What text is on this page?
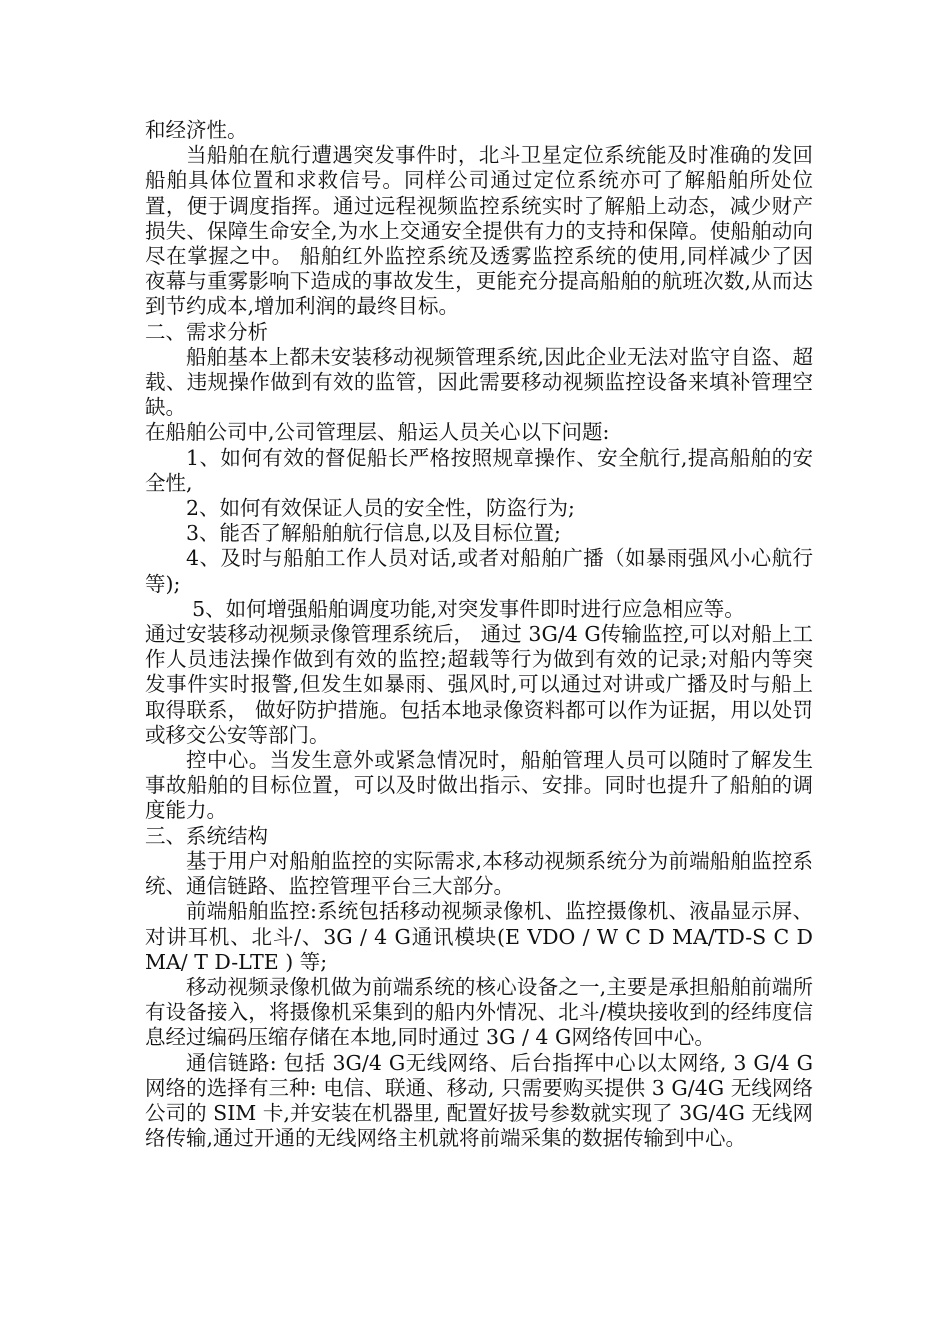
和经济性。

当船舶在航行遭遇突发事件时，北斗卫星定位系统能及时准确的发回船舶具体位置和求救信号。同样公司通过定位系统亦可了解船舶所处位置，便于调度指挥。通过远程视频监控系统实时了解船上动态，减少财产损失、保障生命安全,为水上交通安全提供有力的支持和保障。使船舶动向尽在掌握之中。 船舶红外监控系统及透雾监控系统的使用,同样减少了因夜幕与重雾影响下造成的事故发生，更能充分提高船舶的航班次数,从而达到节约成本,增加利润的最终目标。

二、需求分析

船舶基本上都未安装移动视频管理系统,因此企业无法对监守自盗、超载、违规操作做到有效的监管，因此需要移动视频监控设备来填补管理空缺。

在船舶公司中,公司管理层、船运人员关心以下问题:

1、如何有效的督促船长严格按照规章操作、安全航行,提高船舶的安全性,

2、如何有效保证人员的安全性，防盗行为;

3、能否了解船舶航行信息,以及目标位置;

4、及时与船舶工作人员对话,或者对船舶广播（如暴雨强风小心航行等);

5、如何增强船舶调度功能,对突发事件即时进行应急相应等。

通过安装移动视频录像管理系统后， 通过 3G/4 G传输监控,可以对船上工作人员违法操作做到有效的监控;超载等行为做到有效的记录;对船内等突发事件实时报警,但发生如暴雨、强风时,可以通过对讲或广播及时与船上取得联系， 做好防护措施。包括本地录像资料都可以作为证据，用以处罚或移交公安等部门。

控中心。当发生意外或紧急情况时，船舶管理人员可以随时了解发生事故船舶的目标位置，可以及时做出指示、安排。同时也提升了船舶的调度能力。

三、系统结构

基于用户对船舶监控的实际需求,本移动视频系统分为前端船舶监控系统、通信链路、监控管理平台三大部分。

前端船舶监控:系统包括移动视频录像机、监控摄像机、液晶显示屏、对讲耳机、北斗/、3G / 4 G通讯模块(E VDO / W C D MA/TD-S C DMA/ T D-LTE ) 等;

移动视频录像机做为前端系统的核心设备之一,主要是承担船舶前端所有设备接入，将摄像机采集到的船内外情况、北斗/模块接收到的经纬度信息经过编码压缩存储在本地,同时通过 3G / 4 G网络传回中心。

通信链路: 包括 3G/4 G无线网络、后台指挥中心以太网络, 3 G/4 G网络的选择有三种: 电信、联通、移动, 只需要购买提供 3 G/4G 无线网络公司的 SIM 卡,并安装在机器里, 配置好拔号参数就实现了 3G/4G 无线网络传输,通过开通的无线网络主机就将前端采集的数据传输到中心。
